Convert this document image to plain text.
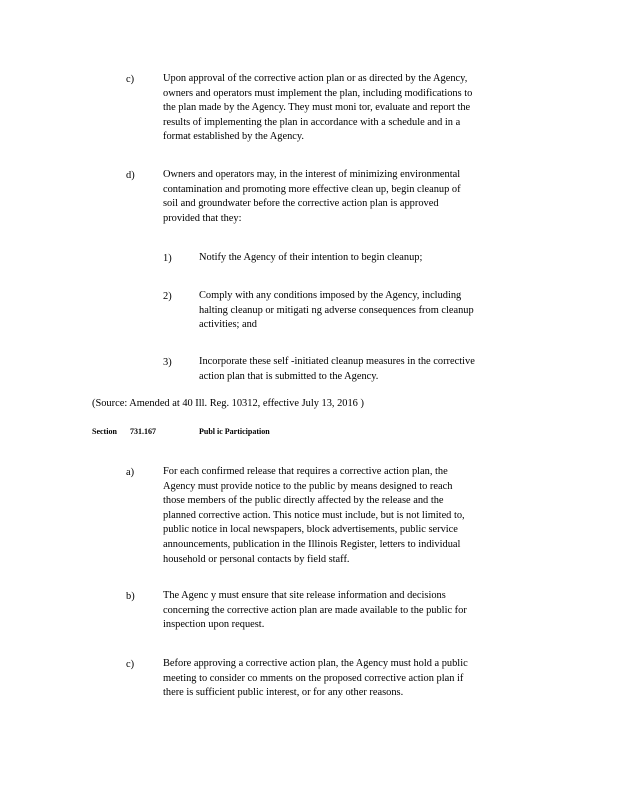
c)	Upon approval of the corrective action plan or as directed by the Agency,
owners and operators must implement the plan, including modifications to
the plan made by the Agency. They must moni tor, evaluate and report the
results of implementing the plan in accordance with a schedule and in a
format established by the Agency.
d)	Owners and operators may, in the interest of minimizing environmental
contamination and promoting more effective clean up, begin cleanup of
soil and groundwater before the corrective action plan is approved
provided that they:
1)	Notify the Agency of their intention to begin cleanup;
2)	Comply with any conditions imposed by the Agency, including
halting cleanup or mitigati ng adverse consequences from cleanup
activities; and
3)	Incorporate these self -initiated cleanup measures in the corrective
action plan that is submitted to the Agency.
(Source: Amended at 40 Ill. Reg. 10312, effective July 13, 2016 )
Section 731.167	Publ ic Participation
a)	For each confirmed release that requires a corrective action plan, the
Agency must provide notice to the public by means designed to reach
those members of the public directly affected by the release and the
planned corrective action. This notice must include, but is not limited to,
public notice in local newspapers, block advertisements, public service
announcements, publication in the Illinois Register, letters to individual
household or personal contacts by field staff.
b)	The Agenc y must ensure that site release information and decisions
concerning the corrective action plan are made available to the public for
inspection upon request.
c)	Before approving a corrective action plan, the Agency must hold a public
meeting to consider co mments on the proposed corrective action plan if
there is sufficient public interest, or for any other reasons.
